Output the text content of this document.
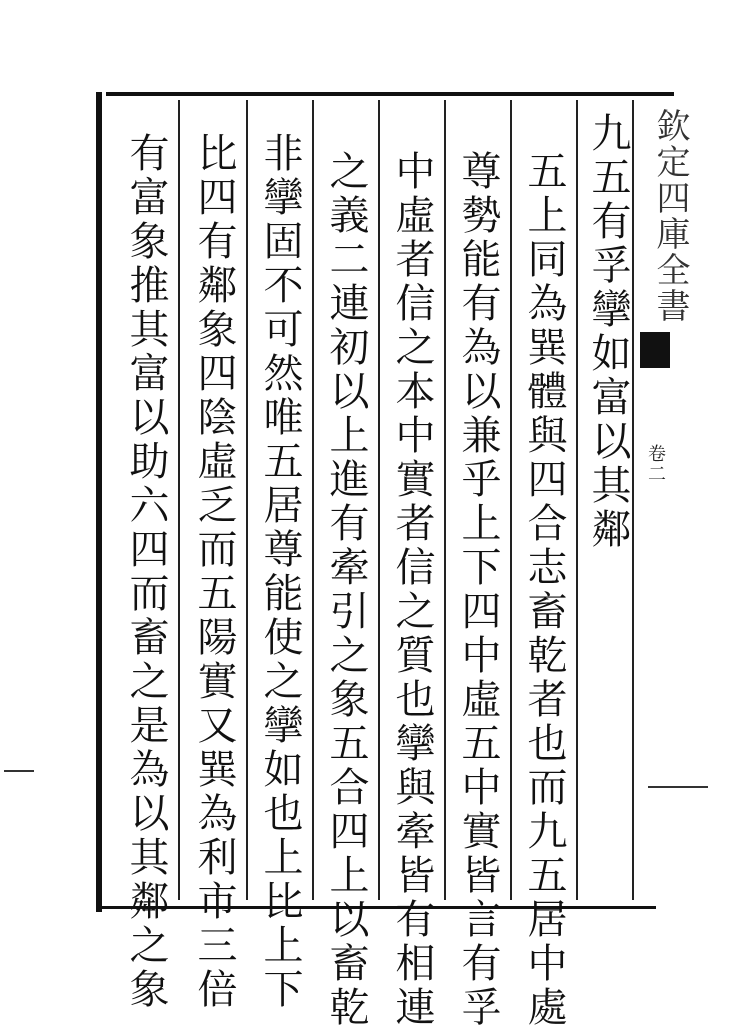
欽定四庫全書
卷二
九五有孚攣如富以其鄰
五上同為巽體與四合志畜乾者也而九五居中處
尊勢能有為以兼乎上下四中虛五中實皆言有孚
中虛者信之本中實者信之質也攣與牽皆有相連
之義二連初以上進有牽引之象五合四上以畜乾
非攣固不可然唯五居尊能使之攣如也上比上下
比四有鄰象四陰虛乏而五陽實又巽為利市三倍
有富象推其富以助六四而畜之是為以其鄰之象
